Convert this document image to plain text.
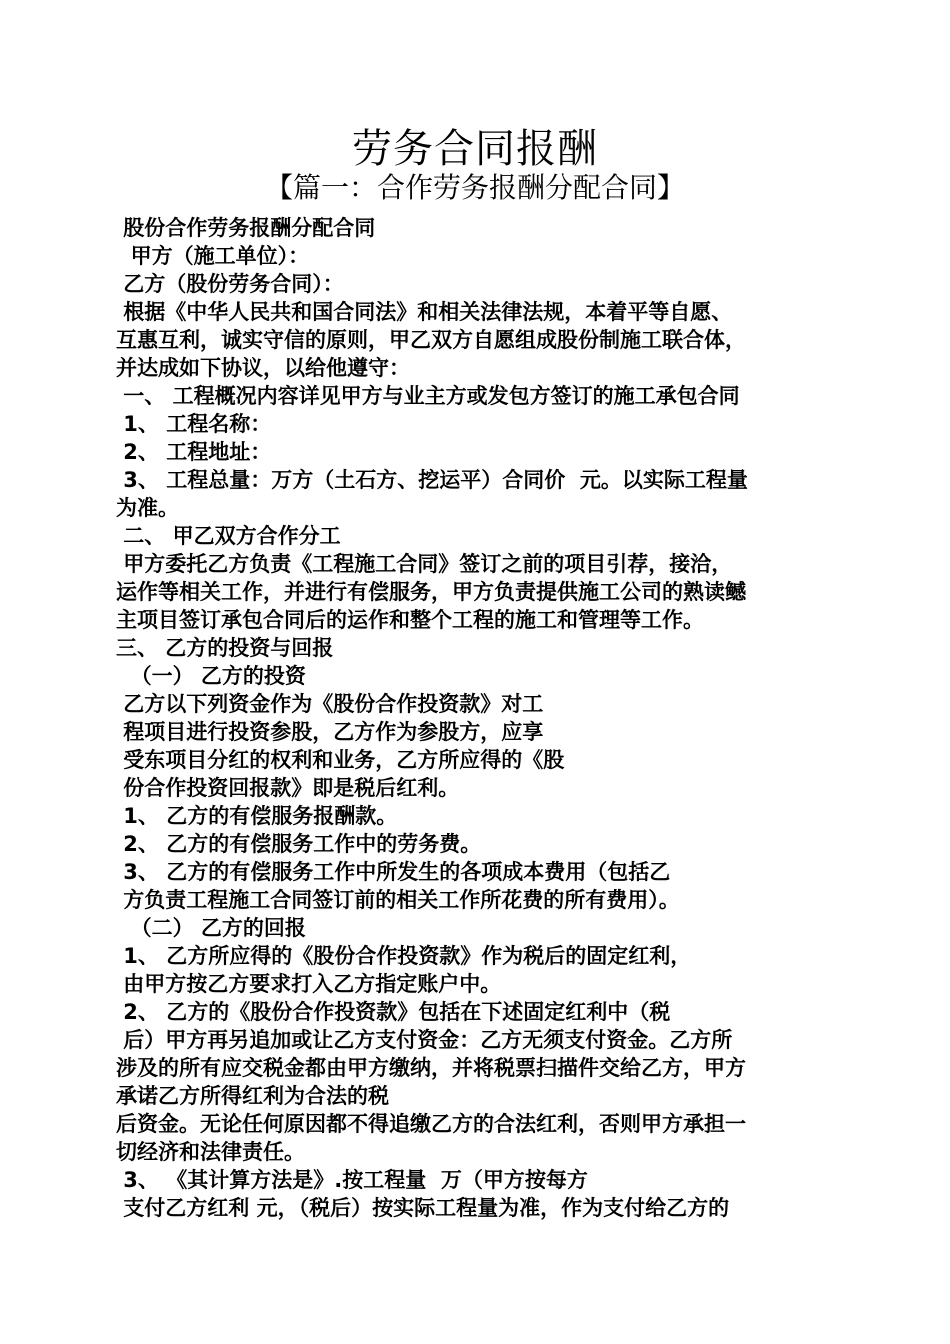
劳务合同报酬
【篇一：合作劳务报酬分配合同】
股份合作劳务报酬分配合同
甲方（施工单位）：
乙方（股份劳务合同）：
根据《中华人民共和国合同法》和相关法律法规，本着平等自愿、
互惠互利，诚实守信的原则，甲乙双方自愿组成股份制施工联合体，
并达成如下协议，以给他遵守：
一、 工程概况内容详见甲方与业主方或发包方签订的施工承包合同
1、 工程名称：
2、 工程地址：
3、 工程总量：万方（土石方、挖运平）合同价  元。以实际工程量
为准。
二、 甲乙双方合作分工
甲方委托乙方负责《工程施工合同》签订之前的项目引荐，接洽，
运作等相关工作，并进行有偿服务，甲方负责提供施工公司的熟读鳡
主项目签订承包合同后的运作和整个工程的施工和管理等工作。
三、 乙方的投资与回报
（一） 乙方的投资
乙方以下列资金作为《股份合作投资款》对工
程项目进行投资参股，乙方作为参股方，应享
受东项目分红的权利和业务，乙方所应得的《股
份合作投资回报款》即是税后红利。
1、 乙方的有偿服务报酬款。
2、 乙方的有偿服务工作中的劳务费。
3、 乙方的有偿服务工作中所发生的各项成本费用（包括乙
方负责工程施工合同签订前的相关工作所花费的所有费用）。
（二） 乙方的回报
1、 乙方所应得的《股份合作投资款》作为税后的固定红利，
由甲方按乙方要求打入乙方指定账户中。
2、 乙方的《股份合作投资款》包括在下述固定红利中（税
后）甲方再另追加或让乙方支付资金：乙方无须支付资金。乙方所
涉及的所有应交税金都由甲方缴纳，并将税票扫描件交给乙方，甲方
承诺乙方所得红利为合法的税
后资金。无论任何原因都不得追缴乙方的合法红利，否则甲方承担一
切经济和法律责任。
3、 《其计算方法是》.按工程量  万（甲方按每方
支付乙方红利 元，（税后）按实际工程量为准，作为支付给乙方的
